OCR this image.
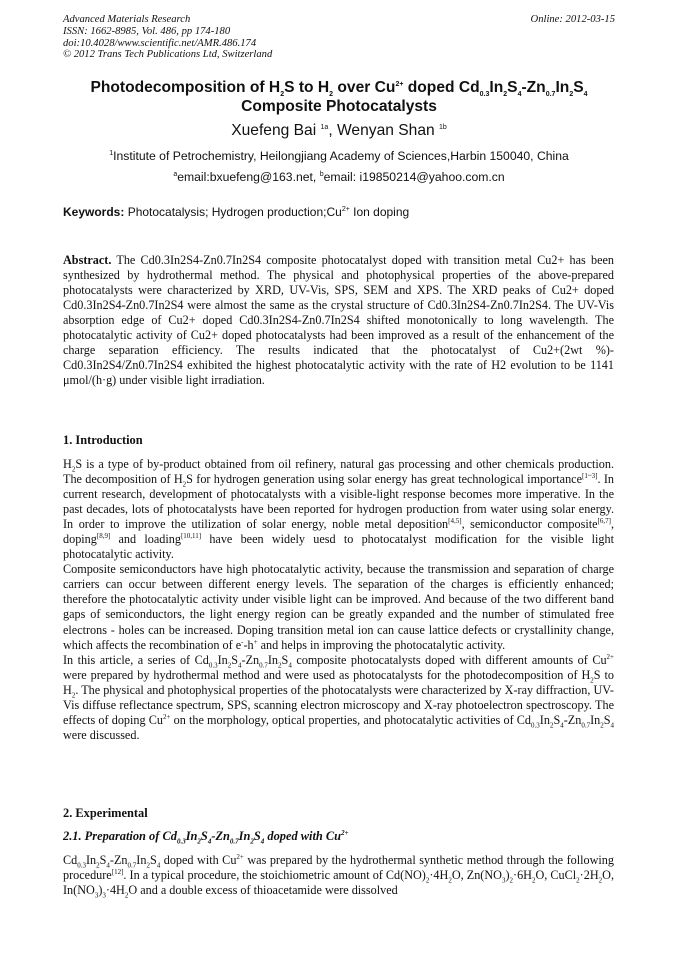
Advanced Materials Research
ISSN: 1662-8985, Vol. 486, pp 174-180
doi:10.4028/www.scientific.net/AMR.486.174
© 2012 Trans Tech Publications Ltd, Switzerland
Online: 2012-03-15
Photodecomposition of $H_2S$ to $H_2$ over $Cu^{2+}$ doped $Cd_{0.3}In_2S_4-Zn_{0.7}In_2S_4$
Composite Photocatalysts
Xuefeng Bai $^{1a}$, Wenyan Shan $^{1b}$
$^1$Institute of Petrochemistry, Heilongjiang Academy of Sciences,Harbin 150040, China
$^a$email:bxuefeng@163.net, $^b$email: i19850214@yahoo.com.cn
Keywords: Photocatalysis; Hydrogen $production;Cu^{2+}$ Ion doping

Abstract. The Cd0.3In2S4-Zn0.7In2S4 composite photocatalyst doped with transition metal Cu2+ has been synthesized by hydrothermal method. The physical and photophysical properties of the above-prepared photocatalysts were characterized by XRD, UV-Vis, SPS, SEM and XPS. The XRD peaks of Cu2+ doped Cd0.3In2S4-Zn0.7In2S4 were almost the same as the crystal structure of Cd0.3In2S4-Zn0.7In2S4. The UV-Vis absorption edge of Cu2+ doped Cd0.3In2S4-Zn0.7In2S4 shifted monotonically to long wavelength. The photocatalytic activity of Cu2+ doped photocatalysts had been improved as a result of the enhancement of the charge separation efficiency. The results indicated that the photocatalyst of Cu2+(2wt %)-Cd0.3In2S4/Zn0.7In2S4 exhibited the highest photocatalytic activity with the rate of H2 evolution to be 1141 μmol/(h·g) under visible light irradiation.

1. Introduction

$H_2S$ is a type of by-product obtained from oil refinery, natural gas processing and other chemicals production. The decomposition of $H_2S$ for hydrogen generation using solar energy has great technological importance[1~3]. In current research, development of photocatalysts with a visible-light response becomes more imperative. In the past decades, lots of photocatalysts have been reported for hydrogen production from water using solar energy. In order to improve the utilization of solar energy, noble metal deposition[4,5], semiconductor composite[6,7], doping[8,9] and loading[10,11] have been widely uesd to photocatalyst modification for the visible light photocatalytic activity.

Composite semiconductors have high photocatalytic activity, because the transmission and separation of charge carriers can occur between different energy levels. The separation of the charges is efficiently enhanced; therefore the photocatalytic activity under visible light can be improved. And because of the two different band gaps of semiconductors, the light energy region can be greatly expanded and the number of stimulated free electrons - holes can be increased. Doping transition metal ion can cause lattice defects or crystallinity change, which affects the recombination of e--h+ and helps in improving the photocatalytic activity.

In this article, a series of $Cd_{0.3}In_2S_4-Zn_{0.7}In_2S_4$ composite photocatalysts doped with different amounts of $Cu^{2+}$ were prepared by hydrothermal method and were used as photocatalysts for the photodecomposition of $H_2S$ to $H_2$. The physical and photophysical properties of the photocatalysts were characterized by X-ray diffraction, UV-Vis diffuse reflectance spectrum, SPS, scanning electron microscopy and X-ray photoelectron spectroscopy. The effects of doping $Cu^{2+}$ on the morphology, optical properties, and photocatalytic activities of $Cd_{0.3}In_2S_4-Zn_{0.7}In_2S_4$ were discussed.

2. Experimental
2.1. Preparation of $Cd_{0.3}In_2S_4-Zn_{0.7}In_2S_4$ doped with $Cu^{2+}$

$Cd_{0.3}In_2S_4-Zn_{0.7}In_2S_4$ doped with $Cu^{2+}$ was prepared by the hydrothermal synthetic method through the following procedure[12]. In a typical procedure, the stoichiometric amount of $Cd(NO)_2\cdot 4H_2O$, $Zn(NO_3)_2\cdot 6H_2O$, $CuCl_2\cdot 2H_2O$, $In(NO_3)_3\cdot 4H_2O$ and a double excess of thioacetamide were dissolved
